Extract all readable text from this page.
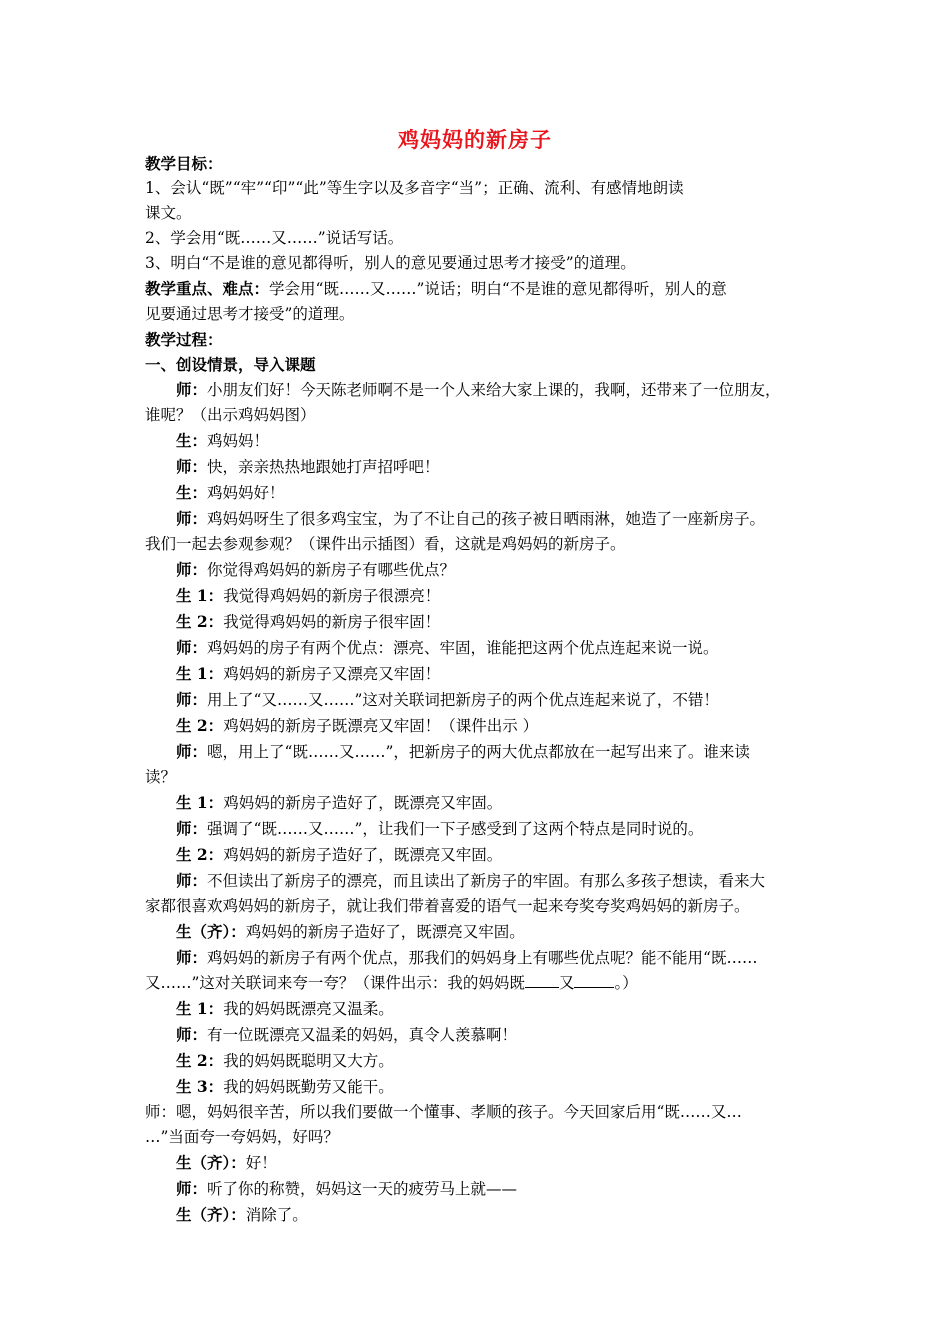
鸡妈妈的新房子
教学目标：
1、会认“既”“牢”“印”“此”等生字以及多音字“当”；正确、流利、有感情地朗读
课文。
2、学会用“既……又……”说话写话。
3、明白“不是谁的意见都得听，别人的意见要通过思考才接受”的道理。
教学重点、难点：学会用“既……又……”说话；明白“不是谁的意见都得听，别人的意
见要通过思考才接受”的道理。
教学过程：
一、创设情景，导入课题
师：小朋友们好！今天陈老师啊不是一个人来给大家上课的，我啊，还带来了一位朋友，
谁呢？（出示鸡妈妈图）
生：鸡妈妈！
师：快，亲亲热热地跟她打声招呼吧！
生：鸡妈妈好！
师：鸡妈妈呀生了很多鸡宝宝，为了不让自己的孩子被日晒雨淋，她造了一座新房子。
我们一起去参观参观？（课件出示插图）看，这就是鸡妈妈的新房子。
师：你觉得鸡妈妈的新房子有哪些优点？
生 1：我觉得鸡妈妈的新房子很漂亮！
生 2：我觉得鸡妈妈的新房子很牢固！
师：鸡妈妈的房子有两个优点：漂亮、牢固，谁能把这两个优点连起来说一说。
生 1：鸡妈妈的新房子又漂亮又牢固！
师：用上了“又……又……”这对关联词把新房子的两个优点连起来说了，不错！
生 2：鸡妈妈的新房子既漂亮又牢固！（课件出示 ）
师：嗯，用上了“既……又……”，把新房子的两大优点都放在一起写出来了。谁来读
读？
生 1：鸡妈妈的新房子造好了，既漂亮又牢固。
师：强调了“既……又……”，让我们一下子感受到了这两个特点是同时说的。
生 2：鸡妈妈的新房子造好了，既漂亮又牢固。
师：不但读出了新房子的漂亮，而且读出了新房子的牢固。有那么多孩子想读，看来大
家都很喜欢鸡妈妈的新房子，就让我们带着喜爱的语气一起来夸奖夸奖鸡妈妈的新房子。
生（齐）：鸡妈妈的新房子造好了，既漂亮又牢固。
师：鸡妈妈的新房子有两个优点，那我们的妈妈身上有哪些优点呢？能不能用“既……
又……”这对关联词来夸一夸？（课件出示：我的妈妈既 又	。）
生 1：我的妈妈既漂亮又温柔。
师：有一位既漂亮又温柔的妈妈，真令人羡慕啊！
生 2：我的妈妈既聪明又大方。
生 3：我的妈妈既勤劳又能干。
师：嗯，妈妈很辛苦，所以我们要做一个懂事、孝顺的孩子。今天回家后用“既……又…
…”当面夸一夸妈妈，好吗？
生（齐）：好！
师：听了你的称赞，妈妈这一天的疲劳马上就——
生（齐）：消除了。
